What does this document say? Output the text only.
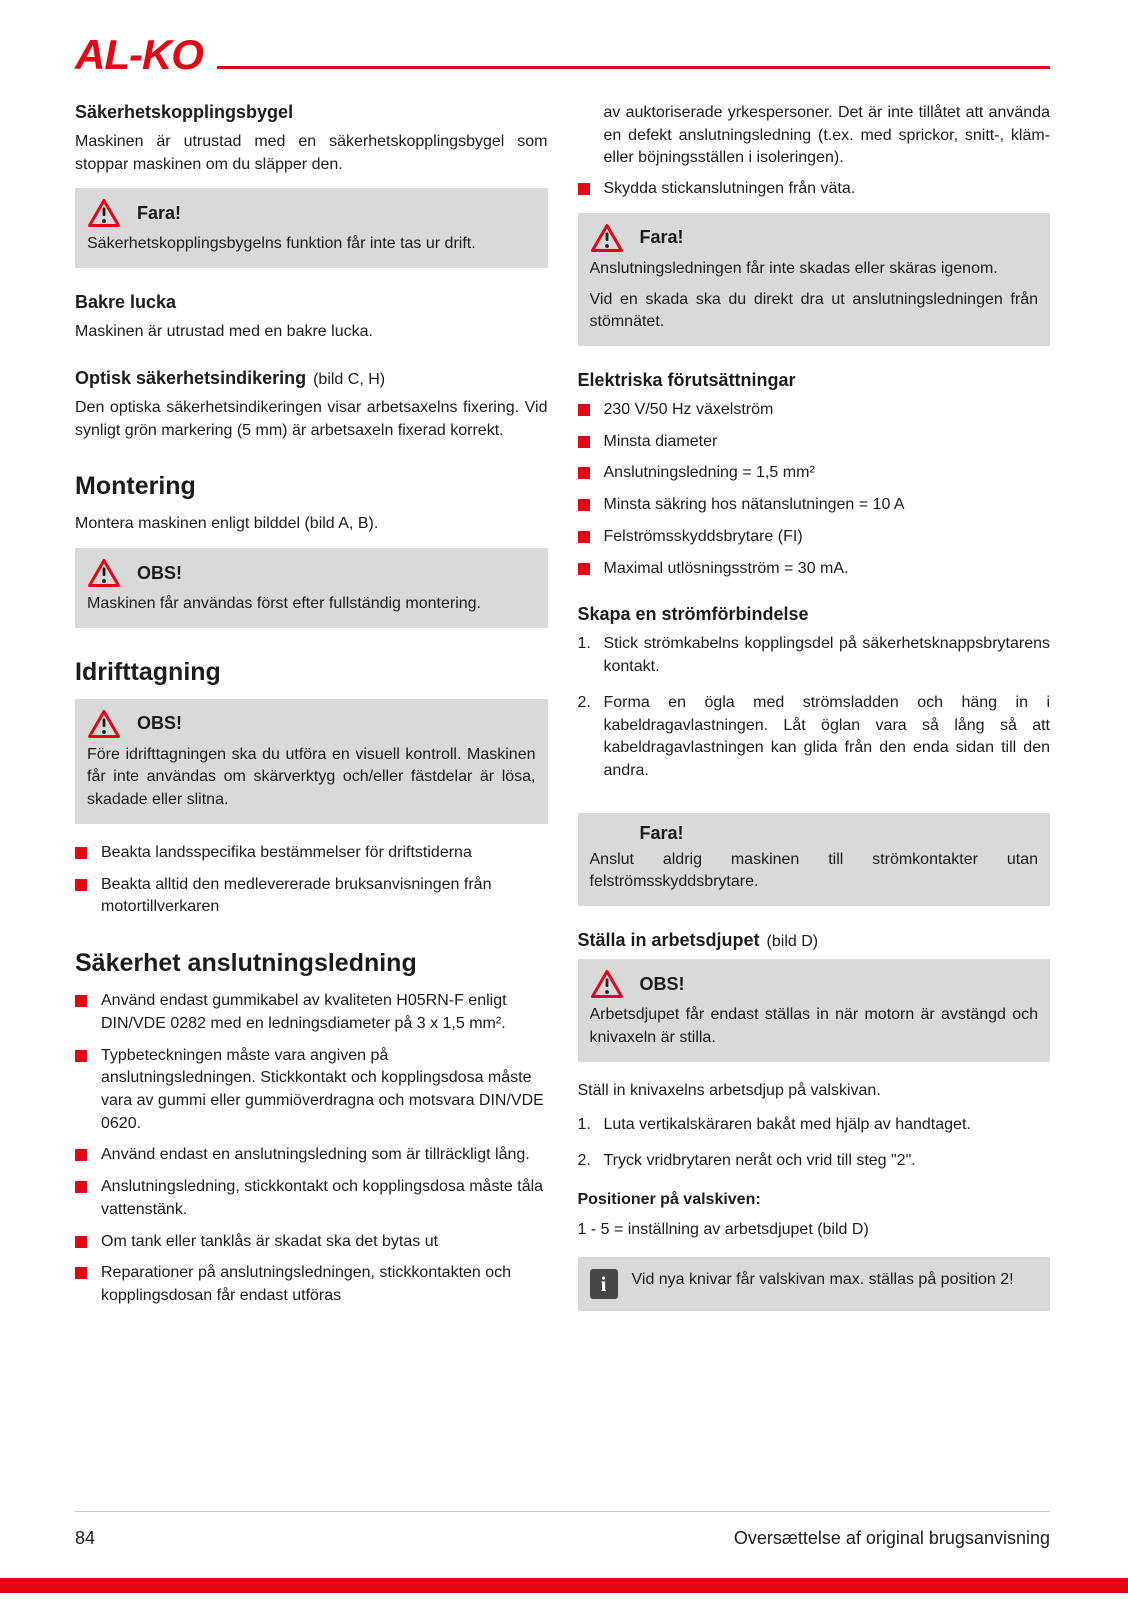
AL-KO
Säkerhetskopplingsbygel

Maskinen är utrustad med en säkerhetskopplingsbygel som stoppar maskinen om du släpper den.

Fara!

Säkerhetskopplingsbygelns funktion får inte tas ur drift.

Bakre lucka

Maskinen är utrustad med en bakre lucka.

Optisk säkerhetsindikering (bild C, H)

Den optiska säkerhetsindikeringen visar arbetsaxelns fixering. Vid synligt grön markering (5 mm) är arbetsaxeln fixerad korrekt.

Montering

Montera maskinen enligt bilddel (bild A, B).

OBS!

Maskinen får användas först efter fullständig montering.

Idrifttagning
OBS!

Före idrifttagningen ska du utföra en visuell kontroll. Maskinen får inte användas om skärverktyg och/eller fästdelar är lösa, skadade eller slitna.

Beakta landsspecifika bestämmelser för driftstiderna
Beakta alltid den medlevererade bruksanvisningen från motortillverkaren
Säkerhet anslutningsledning
Använd endast gummikabel av kvaliteten H05RN-F enligt DIN/VDE 0282 med en ledningsdiameter på 3 x 1,5 mm².
Typbeteckningen måste vara angiven på anslutningsledningen. Stickkontakt och kopplingsdosa måste vara av gummi eller gummiöverdragna och motsvara DIN/VDE 0620.
Använd endast en anslutningsledning som är tillräckligt lång.
Anslutningsledning, stickkontakt och kopplingsdosa måste tåla vattenstänk.
Om tank eller tanklås är skadat ska det bytas ut
Reparationer på anslutningsledningen, stickkontakten och kopplingsdosan får endast utföras

av auktoriserade yrkespersoner. Det är inte tillåtet att använda en defekt anslutningsledning (t.ex. med sprickor, snitt-, kläm- eller böjningsställen i isoleringen).

Skydda stickanslutningen från väta.
Fara!

Anslutningsledningen får inte skadas eller skäras igenom.

Vid en skada ska du direkt dra ut anslutningsledningen från stömnätet.

Elektriska förutsättningar
230 V/50 Hz växelström
Minsta diameter
Anslutningsledning = 1,5 mm²
Minsta säkring hos nätanslutningen = 10 A
Felströmsskyddsbrytare (FI)
Maximal utlösningsström = 30 mA.
Skapa en strömförbindelse
1. Stick strömkabelns kopplingsdel på säkerhetsknappsbrytarens kontakt.
2. Forma en ögla med strömsladden och häng in i kabeldragavlastningen. Låt öglan vara så lång så att kabeldragavlastningen kan glida från den enda sidan till den andra.
Fara!

Anslut aldrig maskinen till strömkontakter utan felströmsskyddsbrytare.

Ställa in arbetsdjupet (bild D)
OBS!

Arbetsdjupet får endast ställas in när motorn är avstängd och knivaxeln är stilla.

Ställ in knivaxelns arbetsdjup på valskivan.

1. Luta vertikalskäraren bakåt med hjälp av handtaget.
2. Tryck vridbrytaren neråt och vrid till steg "2".
Positioner på valskiven:

1 - 5 = inställning av arbetsdjupet (bild D)

i	Vid nya knivar får valskivan max. ställas på position 2!

84	Oversættelse af original brugsanvisning
